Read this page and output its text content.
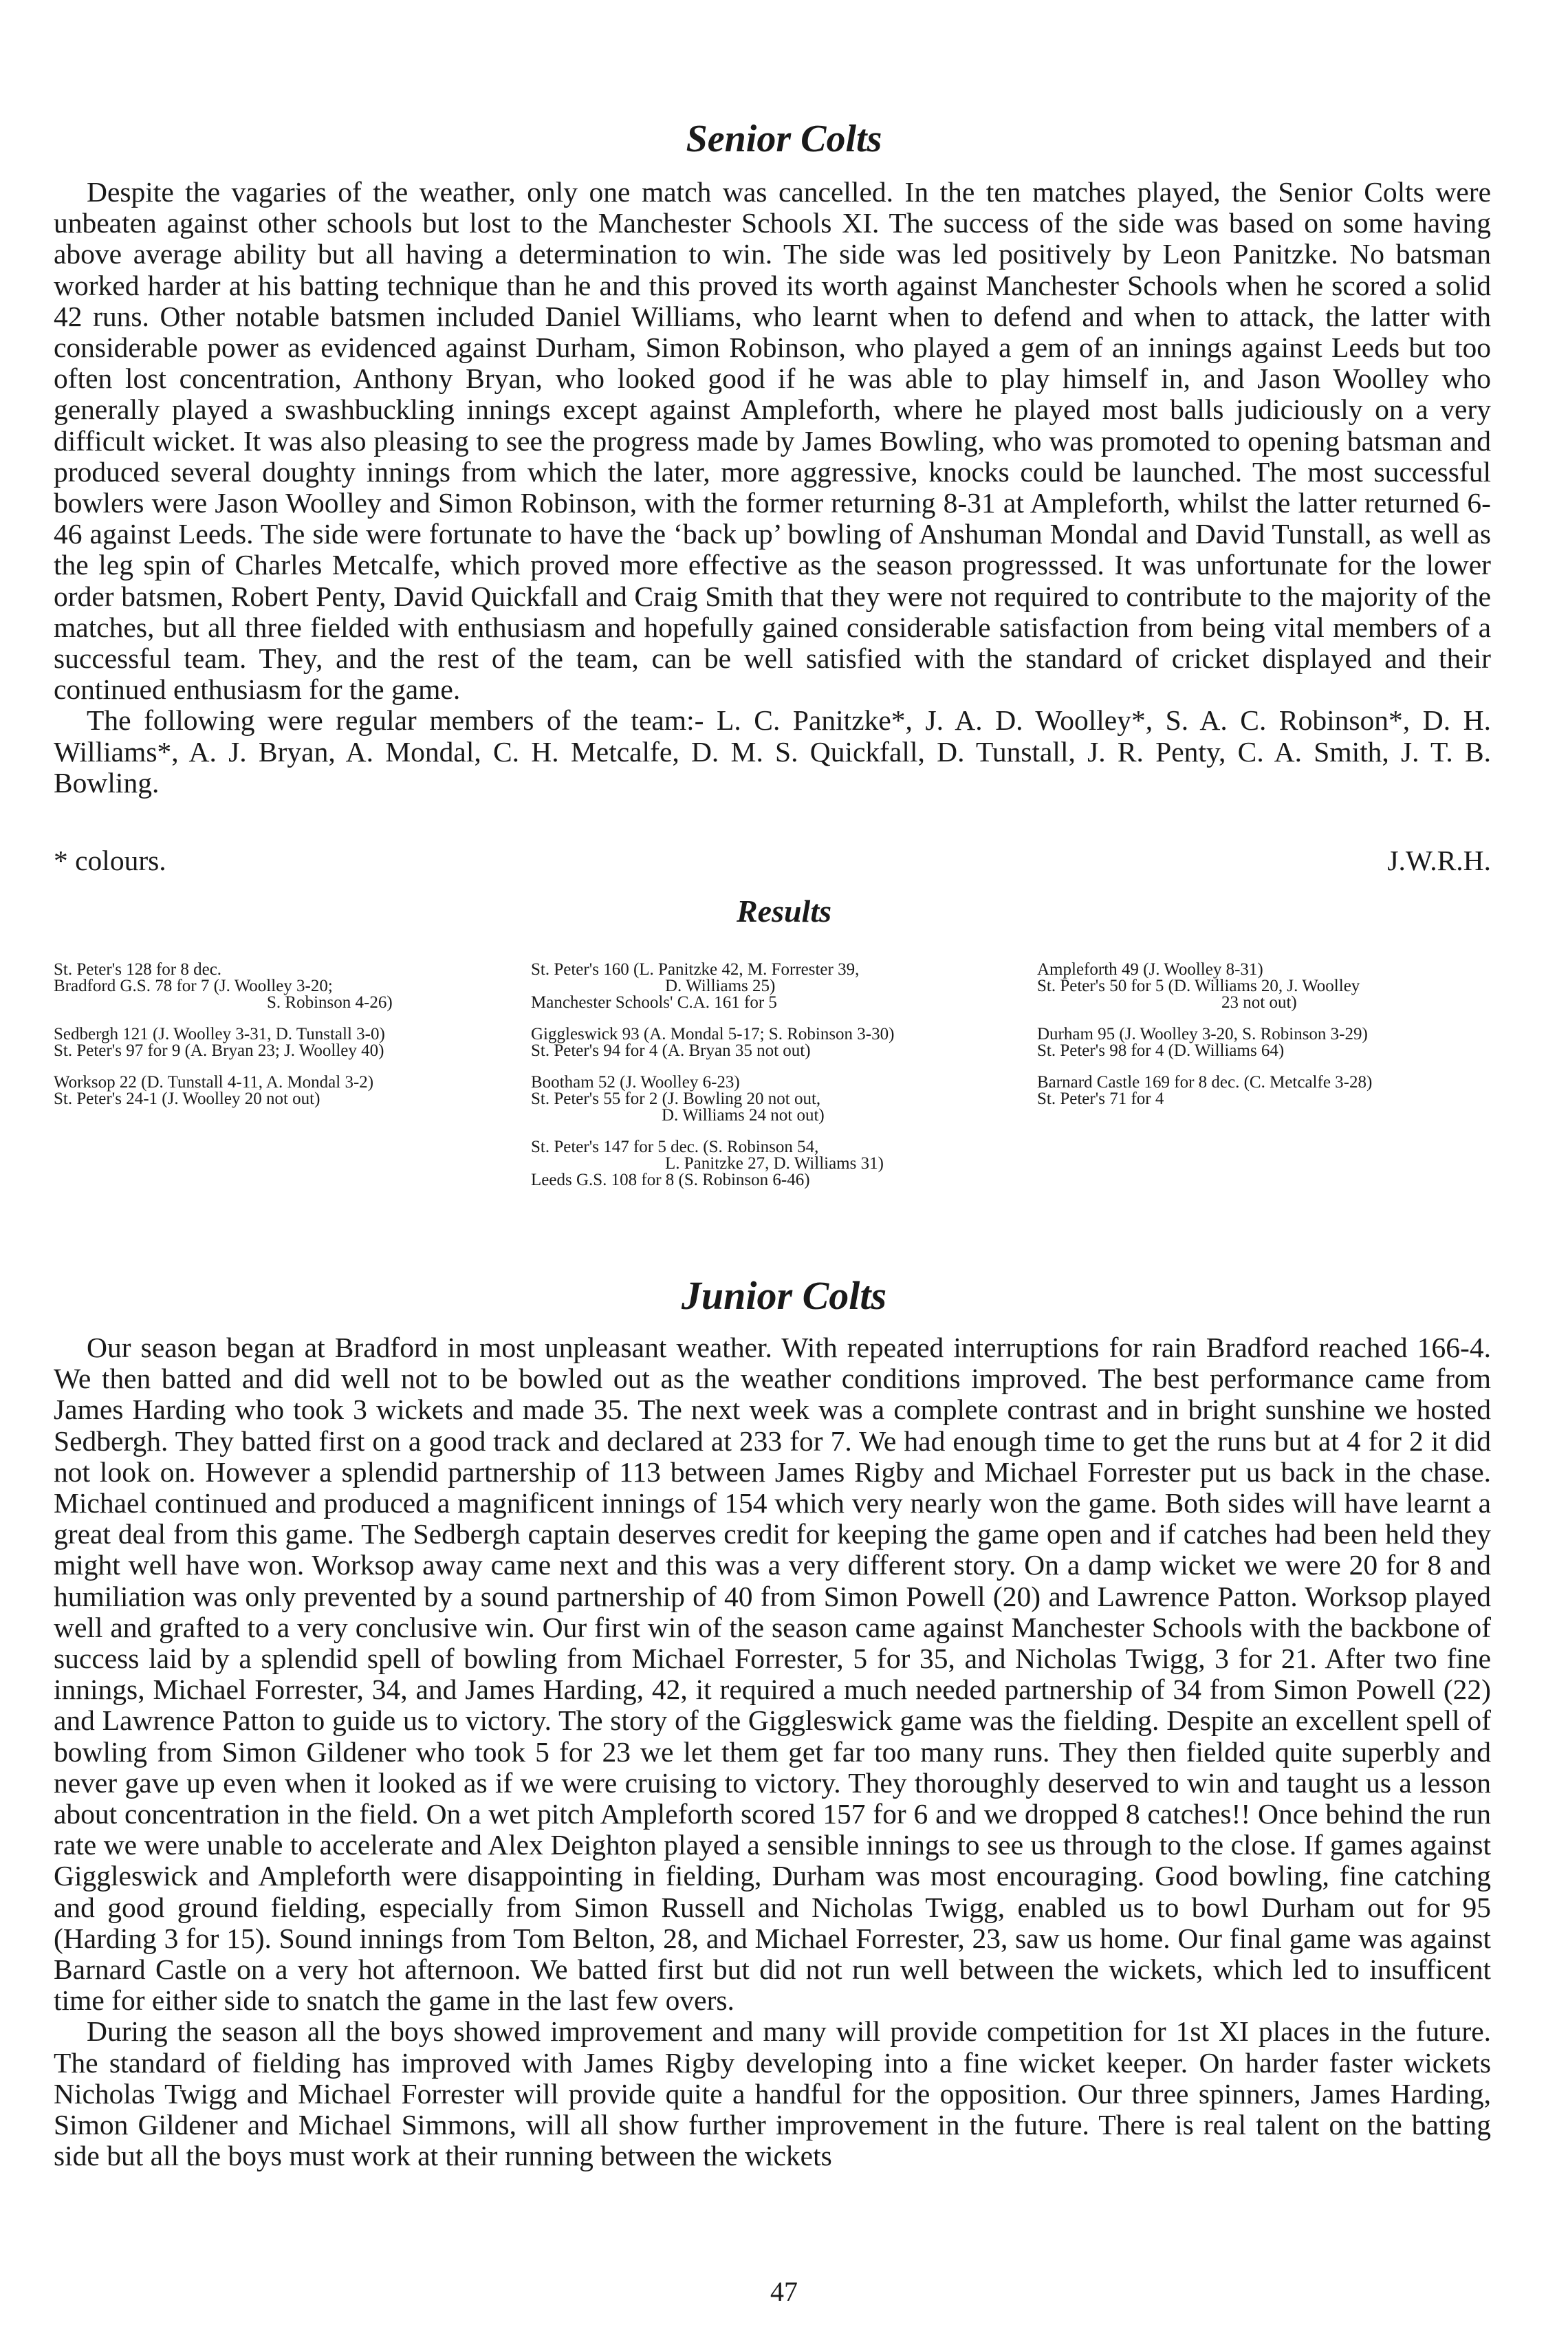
Senior Colts

Despite the vagaries of the weather, only one match was cancelled. In the ten matches played, the Senior Colts were unbeaten against other schools but lost to the Manchester Schools XI. The success of the side was based on some having above average ability but all having a determination to win. The side was led positively by Leon Panitzke. No batsman worked harder at his batting technique than he and this proved its worth against Manchester Schools when he scored a solid 42 runs. Other notable batsmen included Daniel Williams, who learnt when to defend and when to attack, the latter with considerable power as evidenced against Durham, Simon Robinson, who played a gem of an innings against Leeds but too often lost concentration, Anthony Bryan, who looked good if he was able to play himself in, and Jason Woolley who generally played a swashbuckling innings except against Ampleforth, where he played most balls judiciously on a very difficult wicket. It was also pleasing to see the progress made by James Bowling, who was promoted to opening batsman and produced several doughty innings from which the later, more aggressive, knocks could be launched. The most successful bowlers were Jason Woolley and Simon Robinson, with the former returning 8-31 at Ampleforth, whilst the latter returned 6-46 against Leeds. The side were fortunate to have the ‘back up’ bowling of Anshuman Mondal and David Tunstall, as well as the leg spin of Charles Metcalfe, which proved more effective as the season progresssed. It was unfortunate for the lower order batsmen, Robert Penty, David Quickfall and Craig Smith that they were not required to contribute to the majority of the matches, but all three fielded with enthusiasm and hopefully gained considerable satisfaction from being vital members of a successful team. They, and the rest of the team, can be well satisfied with the standard of cricket displayed and their continued enthusiasm for the game.

The following were regular members of the team:- L. C. Panitzke*, J. A. D. Woolley*, S. A. C. Robinson*, D. H. Williams*, A. J. Bryan, A. Mondal, C. H. Metcalfe, D. M. S. Quickfall, D. Tunstall, J. R. Penty, C. A. Smith, J. T. B. Bowling.

* colours.	J.W.R.H.
Results
St. Peter's 128 for 8 dec.
Bradford G.S. 78 for 7 (J. Woolley 3-20;
S. Robinson 4-26)
Sedbergh 121 (J. Woolley 3-31, D. Tunstall 3-0)
St. Peter's 97 for 9 (A. Bryan 23; J. Woolley 40)
Worksop 22 (D. Tunstall 4-11, A. Mondal 3-2)
St. Peter's 24-1 (J. Woolley 20 not out)
St. Peter's 160 (L. Panitzke 42, M. Forrester 39,
D. Williams 25)
Manchester Schools' C.A. 161 for 5
Giggleswick 93 (A. Mondal 5-17; S. Robinson 3-30)
St. Peter's 94 for 4 (A. Bryan 35 not out)
Bootham 52 (J. Woolley 6-23)
St. Peter's 55 for 2 (J. Bowling 20 not out,
D. Williams 24 not out)
St. Peter's 147 for 5 dec. (S. Robinson 54,
L. Panitzke 27, D. Williams 31)
Leeds G.S. 108 for 8 (S. Robinson 6-46)
Ampleforth 49 (J. Woolley 8-31)
St. Peter's 50 for 5 (D. Williams 20, J. Woolley
23 not out)
Durham 95 (J. Woolley 3-20, S. Robinson 3-29)
St. Peter's 98 for 4 (D. Williams 64)
Barnard Castle 169 for 8 dec. (C. Metcalfe 3-28)
St. Peter's 71 for 4
Junior Colts

Our season began at Bradford in most unpleasant weather. With repeated interruptions for rain Bradford reached 166-4. We then batted and did well not to be bowled out as the weather conditions improved. The best performance came from James Harding who took 3 wickets and made 35. The next week was a complete contrast and in bright sunshine we hosted Sedbergh. They batted first on a good track and declared at 233 for 7. We had enough time to get the runs but at 4 for 2 it did not look on. However a splendid partnership of 113 between James Rigby and Michael Forrester put us back in the chase. Michael continued and produced a magnificent innings of 154 which very nearly won the game. Both sides will have learnt a great deal from this game. The Sedbergh captain deserves credit for keeping the game open and if catches had been held they might well have won. Worksop away came next and this was a very different story. On a damp wicket we were 20 for 8 and humiliation was only prevented by a sound partnership of 40 from Simon Powell (20) and Lawrence Patton. Worksop played well and grafted to a very conclusive win. Our first win of the season came against Manchester Schools with the backbone of success laid by a splendid spell of bowling from Michael Forrester, 5 for 35, and Nicholas Twigg, 3 for 21. After two fine innings, Michael Forrester, 34, and James Harding, 42, it required a much needed partnership of 34 from Simon Powell (22) and Lawrence Patton to guide us to victory. The story of the Giggleswick game was the fielding. Despite an excellent spell of bowling from Simon Gildener who took 5 for 23 we let them get far too many runs. They then fielded quite superbly and never gave up even when it looked as if we were cruising to victory. They thoroughly deserved to win and taught us a lesson about concentration in the field. On a wet pitch Ampleforth scored 157 for 6 and we dropped 8 catches!! Once behind the run rate we were unable to accelerate and Alex Deighton played a sensible innings to see us through to the close. If games against Giggleswick and Ampleforth were disappointing in fielding, Durham was most encouraging. Good bowling, fine catching and good ground fielding, especially from Simon Russell and Nicholas Twigg, enabled us to bowl Durham out for 95 (Harding 3 for 15). Sound innings from Tom Belton, 28, and Michael Forrester, 23, saw us home. Our final game was against Barnard Castle on a very hot afternoon. We batted first but did not run well between the wickets, which led to insufficent time for either side to snatch the game in the last few overs.

During the season all the boys showed improvement and many will provide competition for 1st XI places in the future. The standard of fielding has improved with James Rigby developing into a fine wicket keeper. On harder faster wickets Nicholas Twigg and Michael Forrester will provide quite a handful for the opposition. Our three spinners, James Harding, Simon Gildener and Michael Simmons, will all show further improvement in the future. There is real talent on the batting side but all the boys must work at their running between the wickets

47
